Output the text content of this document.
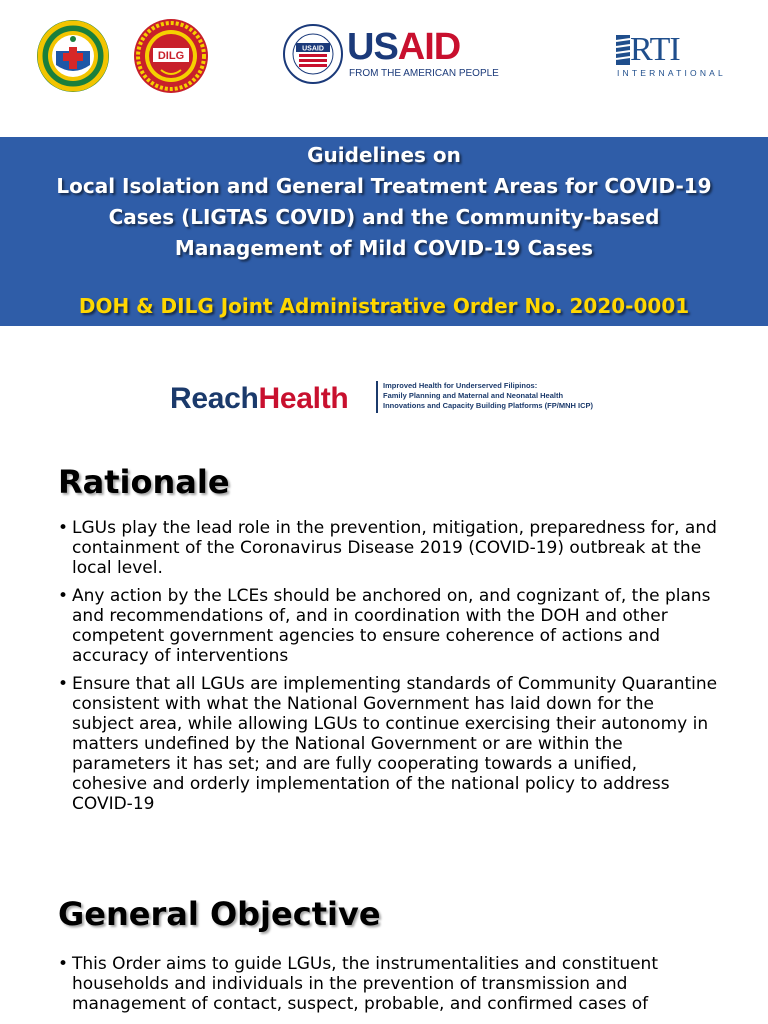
DILG
USAID USAID
FROM THE AMERICAN PEOPLE
RTI
INTERNATIONAL
Guidelines on
Local Isolation and General Treatment Areas for COVID-19
Cases (LIGTAS COVID) and the Community-based
Management of Mild COVID-19 Cases
DOH & DILG Joint Administrative Order No. 2020-0001
ReachHealth	Improved Health for Underserved Filipinos:
Family Planning and Maternal and Neonatal Health
Innovations and Capacity Building Platforms (FP/MNH ICP)
Rationale
• LGUs play the lead role in the prevention, mitigation, preparedness for, and
containment of the Coronavirus Disease 2019 (COVID-19) outbreak at the
local level.
• Any action by the LCEs should be anchored on, and cognizant of, the plans
and recommendations of, and in coordination with the DOH and other
competent government agencies to ensure coherence of actions and
accuracy of interventions
• Ensure that all LGUs are implementing standards of Community Quarantine
consistent with what the National Government has laid down for the
subject area, while allowing LGUs to continue exercising their autonomy in
matters undefined by the National Government or are within the
parameters it has set; and are fully cooperating towards a unified,
cohesive and orderly implementation of the national policy to address
COVID-19
General Objective
• This Order aims to guide LGUs, the instrumentalities and constituent
households and individuals in the prevention of transmission and
management of contact, suspect, probable, and confirmed cases of
